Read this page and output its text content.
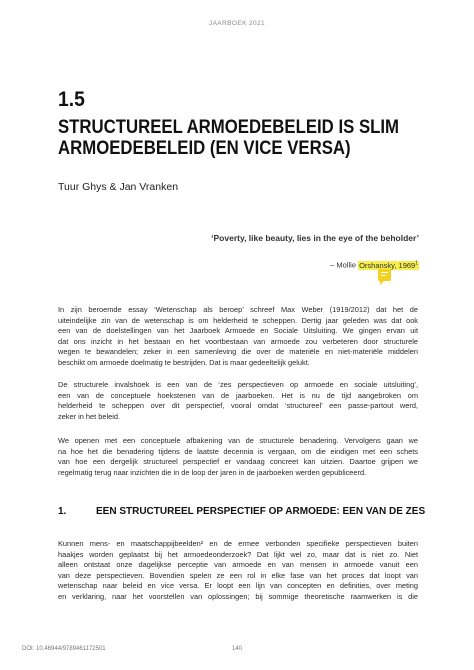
JAARBOEK 2021
1.5
STRUCTUREEL ARMOEDEBELEID IS SLIM
ARMOEDEBELEID (EN VICE VERSA)
Tuur Ghys & Jan Vranken
‘Poverty, like beauty, lies in the eye of the beholder’
– Mollie Orshansky, 1969$^1$
In zijn beroemde essay ‘Wetenschap als beroep’ schreef Max Weber (1919/2012) dat het de
uiteindelijke zin van de wetenschap is om helderheid te scheppen. Dertig jaar geleden was dat ook
een van de doelstellingen van het Jaarboek Armoede en Sociale Uitsluiting. We gingen ervan uit
dat ons inzicht in het bestaan en het voortbestaan van armoede zou verbeteren door structurele
wegen te bewandelen; zeker in een samenleving die over de materiële en niet-materiële middelen
beschikt om armoede doelmatig te bestrijden. Dat is maar gedeeltelijk gelukt.
De structurele invalshoek is een van de ‘zes perspectieven op armoede en sociale uitsluiting’,
een van de conceptuele hoekstenen van de jaarboeken. Het is nu de tijd aangebroken om
helderheid te scheppen over dit perspectief, vooral omdat ‘structureel’ een passe-partout werd,
zeker in het beleid.
We openen met een conceptuele afbakening van de structurele benadering. Vervolgens gaan we
na hoe het die benadering tijdens de laatste decennia is vergaan, om die eindigen met een schets
van hoe een dergelijk structureel perspectief er vandaag concreet kan uitzien. Daartoe grijpen we
regelmatig terug naar inzichten die in de loop der jaren in de jaarboeken werden gepubliceerd.
1.	EEN STRUCTUREEL PERSPECTIEF OP ARMOEDE: EEN VAN DE ZES
Kunnen mens- en maatschappijbeelden² en de ermee verbonden specifieke perspectieven buiten
haakjes worden geplaatst bij het armoedeonderzoek? Dat lijkt wel zo, maar dat is niet zo. Niet
alleen ontstaat onze dagelijkse perceptie van armoede en van mensen in armoede vanuit een
van deze perspectieven. Bovendien spelen ze een rol in elke fase van het proces dat loopt van
wetenschap naar beleid en vice versa. Er loopt een lijn van concepten en definities, over meting
en verklaring, naar het voorstellen van oplossingen; bij sommige theoretische raamwerken is die
DOI: 10.46944/9789461172501	140
